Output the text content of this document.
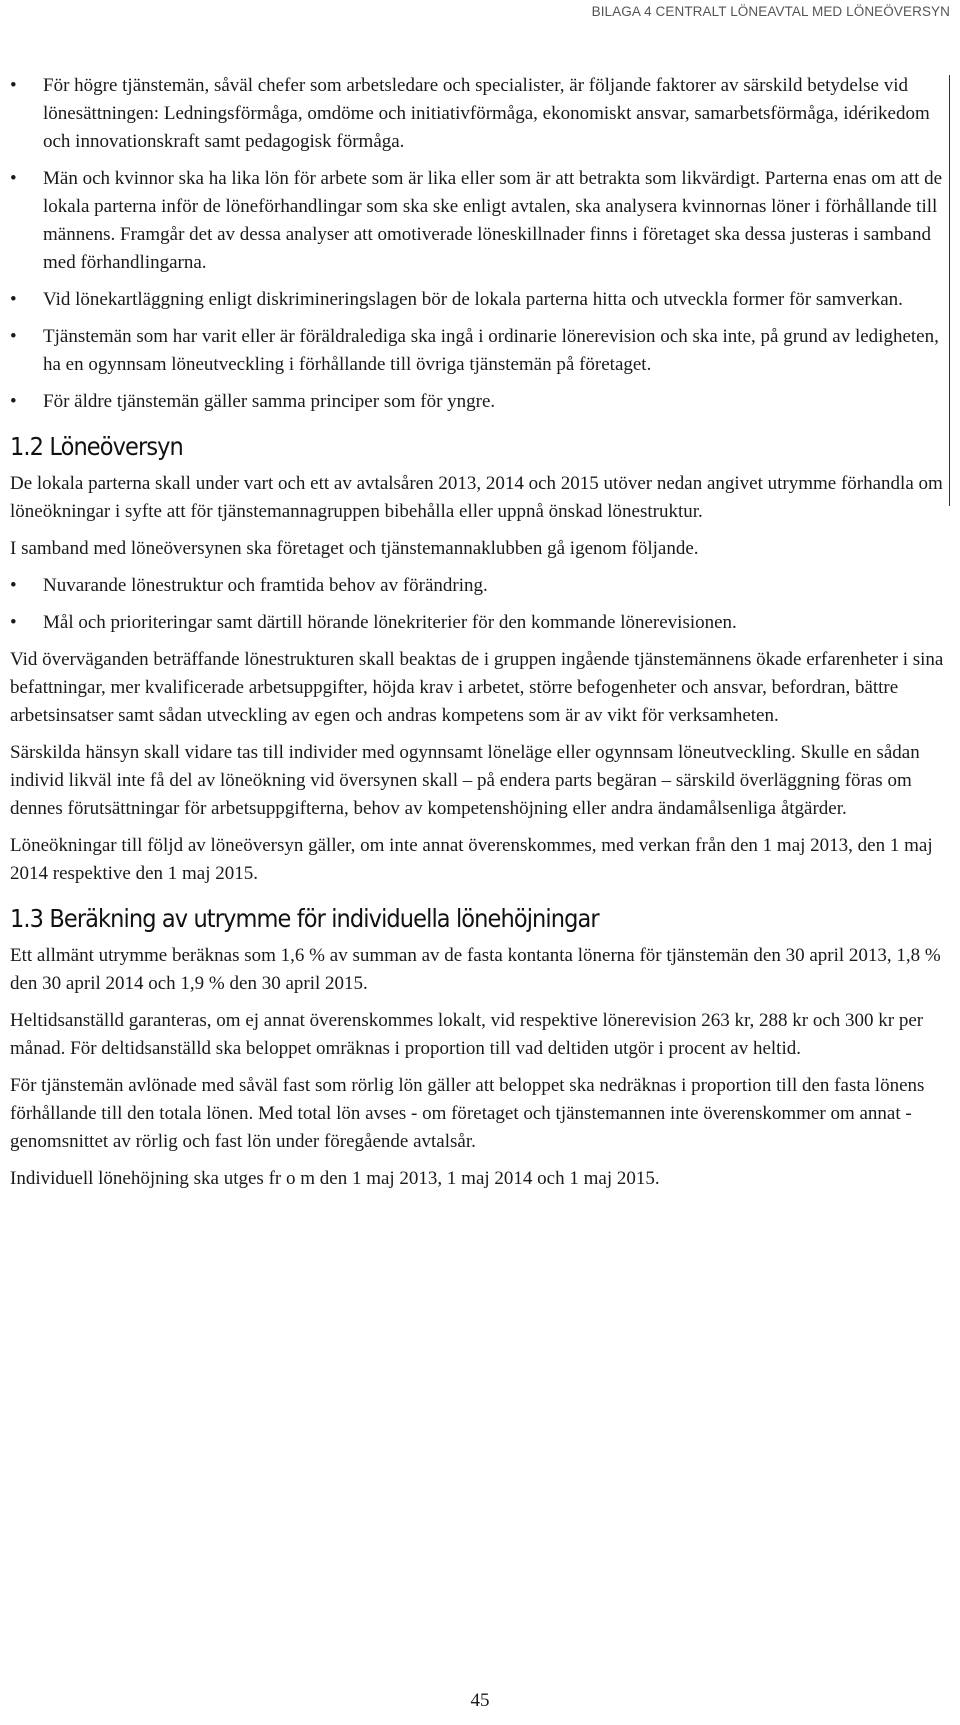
BILAGA 4 CENTRALT LÖNEAVTAL MED LÖNEÖVERSYN
• För högre tjänstemän, såväl chefer som arbetsledare och specialister, är följande faktorer av särskild betydelse vid lönesättningen: Ledningsförmåga, omdöme och initiativförmåga, ekonomiskt ansvar, samarbetsförmåga, idérikedom och innovationskraft samt pedagogisk förmåga.

• Män och kvinnor ska ha lika lön för arbete som är lika eller som är att betrakta som likvärdigt. Parterna enas om att de lokala parterna inför de löneförhandlingar som ska ske enligt avtalen, ska analysera kvinnornas löner i förhållande till männens. Framgår det av dessa analyser att omotiverade löneskillnader finns i företaget ska dessa justeras i samband med förhandlingarna.

• Vid lönekartläggning enligt diskrimineringslagen bör de lokala parterna hitta och utveckla former för samverkan.

• Tjänstemän som har varit eller är föräldralediga ska ingå i ordinarie lönerevision och ska inte, på grund av ledigheten, ha en ogynnsam löneutveckling i förhållande till övriga tjänstemän på företaget.

• För äldre tjänstemän gäller samma principer som för yngre.

1.2 Löneöversyn

De lokala parterna skall under vart och ett av avtalsåren 2013, 2014 och 2015 utöver nedan angivet utrymme förhandla om löneökningar i syfte att för tjänstemannagruppen bibehålla eller uppnå önskad lönestruktur.

I samband med löneöversynen ska företaget och tjänstemannaklubben gå igenom följande.

• Nuvarande lönestruktur och framtida behov av förändring.

• Mål och prioriteringar samt därtill hörande lönekriterier för den kommande lönerevisionen.

Vid överväganden beträffande lönestrukturen skall beaktas de i gruppen ingående tjänstemännens ökade erfarenheter i sina befattningar, mer kvalificerade arbetsuppgifter, höjda krav i arbetet, större befogenheter och ansvar, befordran, bättre arbetsinsatser samt sådan utveckling av egen och andras kompetens som är av vikt för verksamheten.

Särskilda hänsyn skall vidare tas till individer med ogynnsamt löneläge eller ogynnsam löneutveckling. Skulle en sådan individ likväl inte få del av löneökning vid översynen skall – på endera parts begäran – särskild överläggning föras om dennes förutsättningar för arbetsuppgifterna, behov av kompetenshöjning eller andra ändamålsenliga åtgärder.

Löneökningar till följd av löneöversyn gäller, om inte annat överenskommes, med verkan från den 1 maj 2013, den 1 maj 2014 respektive den 1 maj 2015.

1.3 Beräkning av utrymme för individuella lönehöjningar

Ett allmänt utrymme beräknas som 1,6 % av summan av de fasta kontanta lönerna för tjänstemän den 30 april 2013, 1,8 % den 30 april 2014 och 1,9 % den 30 april 2015.

Heltidsanställd garanteras, om ej annat överenskommes lokalt, vid respektive lönerevision 263 kr, 288 kr och 300 kr per månad. För deltidsanställd ska beloppet omräknas i proportion till vad deltiden utgör i procent av heltid.

För tjänstemän avlönade med såväl fast som rörlig lön gäller att beloppet ska nedräknas i proportion till den fasta lönens förhållande till den totala lönen. Med total lön avses - om företaget och tjänstemannen inte överenskommer om annat - genomsnittet av rörlig och fast lön under föregående avtalsår.

Individuell lönehöjning ska utges fr o m den 1 maj 2013, 1 maj 2014 och 1 maj 2015.

45
